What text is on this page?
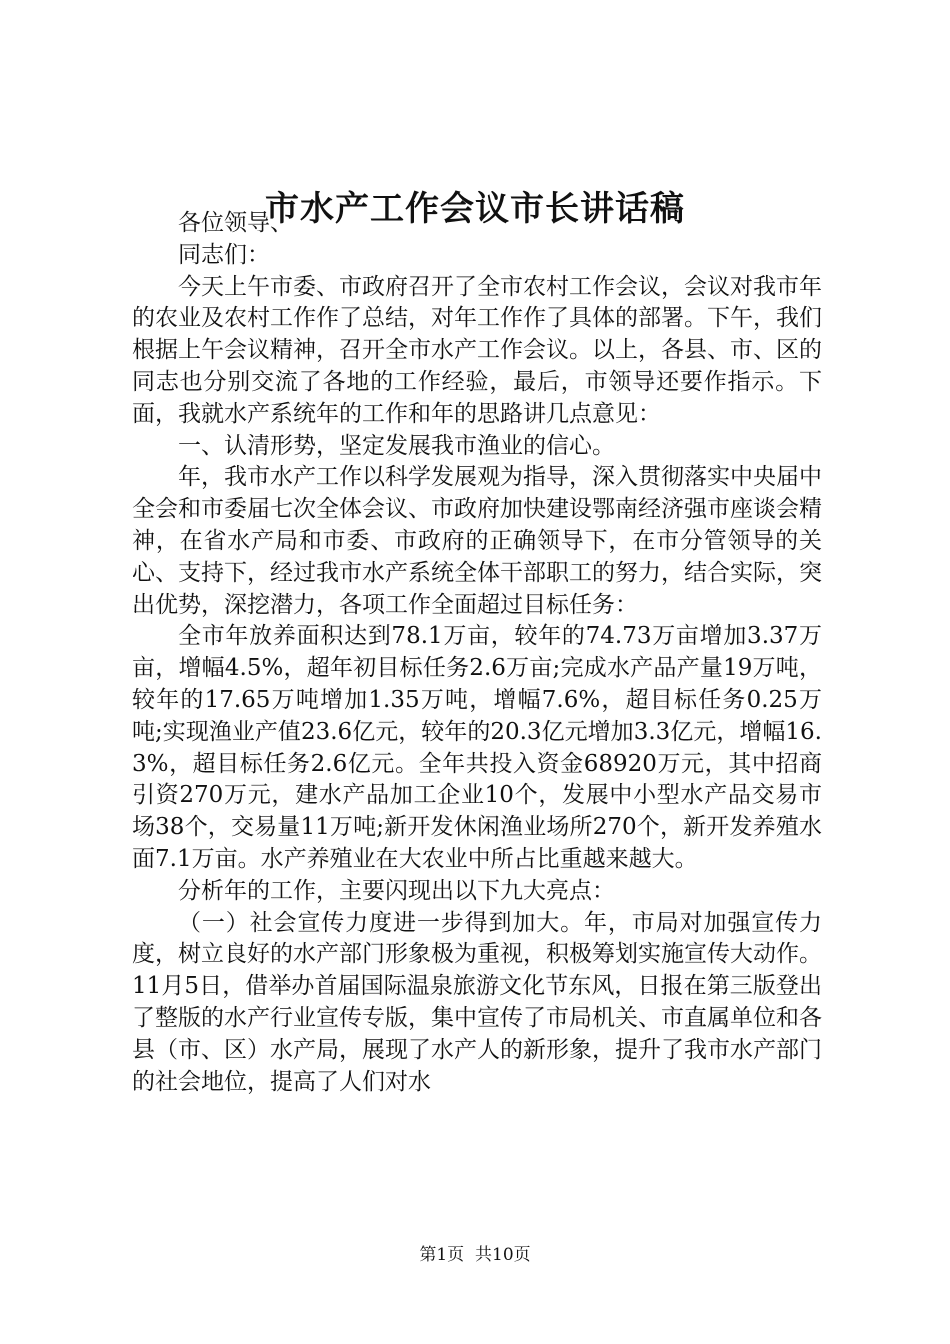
市水产工作会议市长讲话稿

各位领导、

同志们：

今天上午市委、市政府召开了全市农村工作会议，会议对我市年的农业及农村工作作了总结，对年工作作了具体的部署。下午，我们根据上午会议精神，召开全市水产工作会议。以上，各县、市、区的同志也分别交流了各地的工作经验，最后，市领导还要作指示。下面，我就水产系统年的工作和年的思路讲几点意见：

一、认清形势，坚定发展我市渔业的信心。

年，我市水产工作以科学发展观为指导，深入贯彻落实中央届中全会和市委届七次全体会议、市政府加快建设鄂南经济强市座谈会精神，在省水产局和市委、市政府的正确领导下，在市分管领导的关心、支持下，经过我市水产系统全体干部职工的努力，结合实际，突出优势，深挖潜力，各项工作全面超过目标任务：

全市年放养面积达到78.1万亩，较年的74.73万亩增加3.37万亩，增幅4.5%，超年初目标任务2.6万亩;完成水产品产量19万吨，较年的17.65万吨增加1.35万吨，增幅7.6%，超目标任务0.25万吨;实现渔业产值23.6亿元，较年的20.3亿元增加3.3亿元，增幅16.3%，超目标任务2.6亿元。全年共投入资金68920万元，其中招商引资270万元，建水产品加工企业10个，发展中小型水产品交易市场38个，交易量11万吨;新开发休闲渔业场所270个，新开发养殖水面7.1万亩。水产养殖业在大农业中所占比重越来越大。

分析年的工作，主要闪现出以下九大亮点：

（一）社会宣传力度进一步得到加大。年，市局对加强宣传力度，树立良好的水产部门形象极为重视，积极筹划实施宣传大动作。11月5日，借举办首届国际温泉旅游文化节东风，日报在第三版登出了整版的水产行业宣传专版，集中宣传了市局机关、市直属单位和各县（市、区）水产局，展现了水产人的新形象，提升了我市水产部门的社会地位，提高了人们对水

第1页 共10页
